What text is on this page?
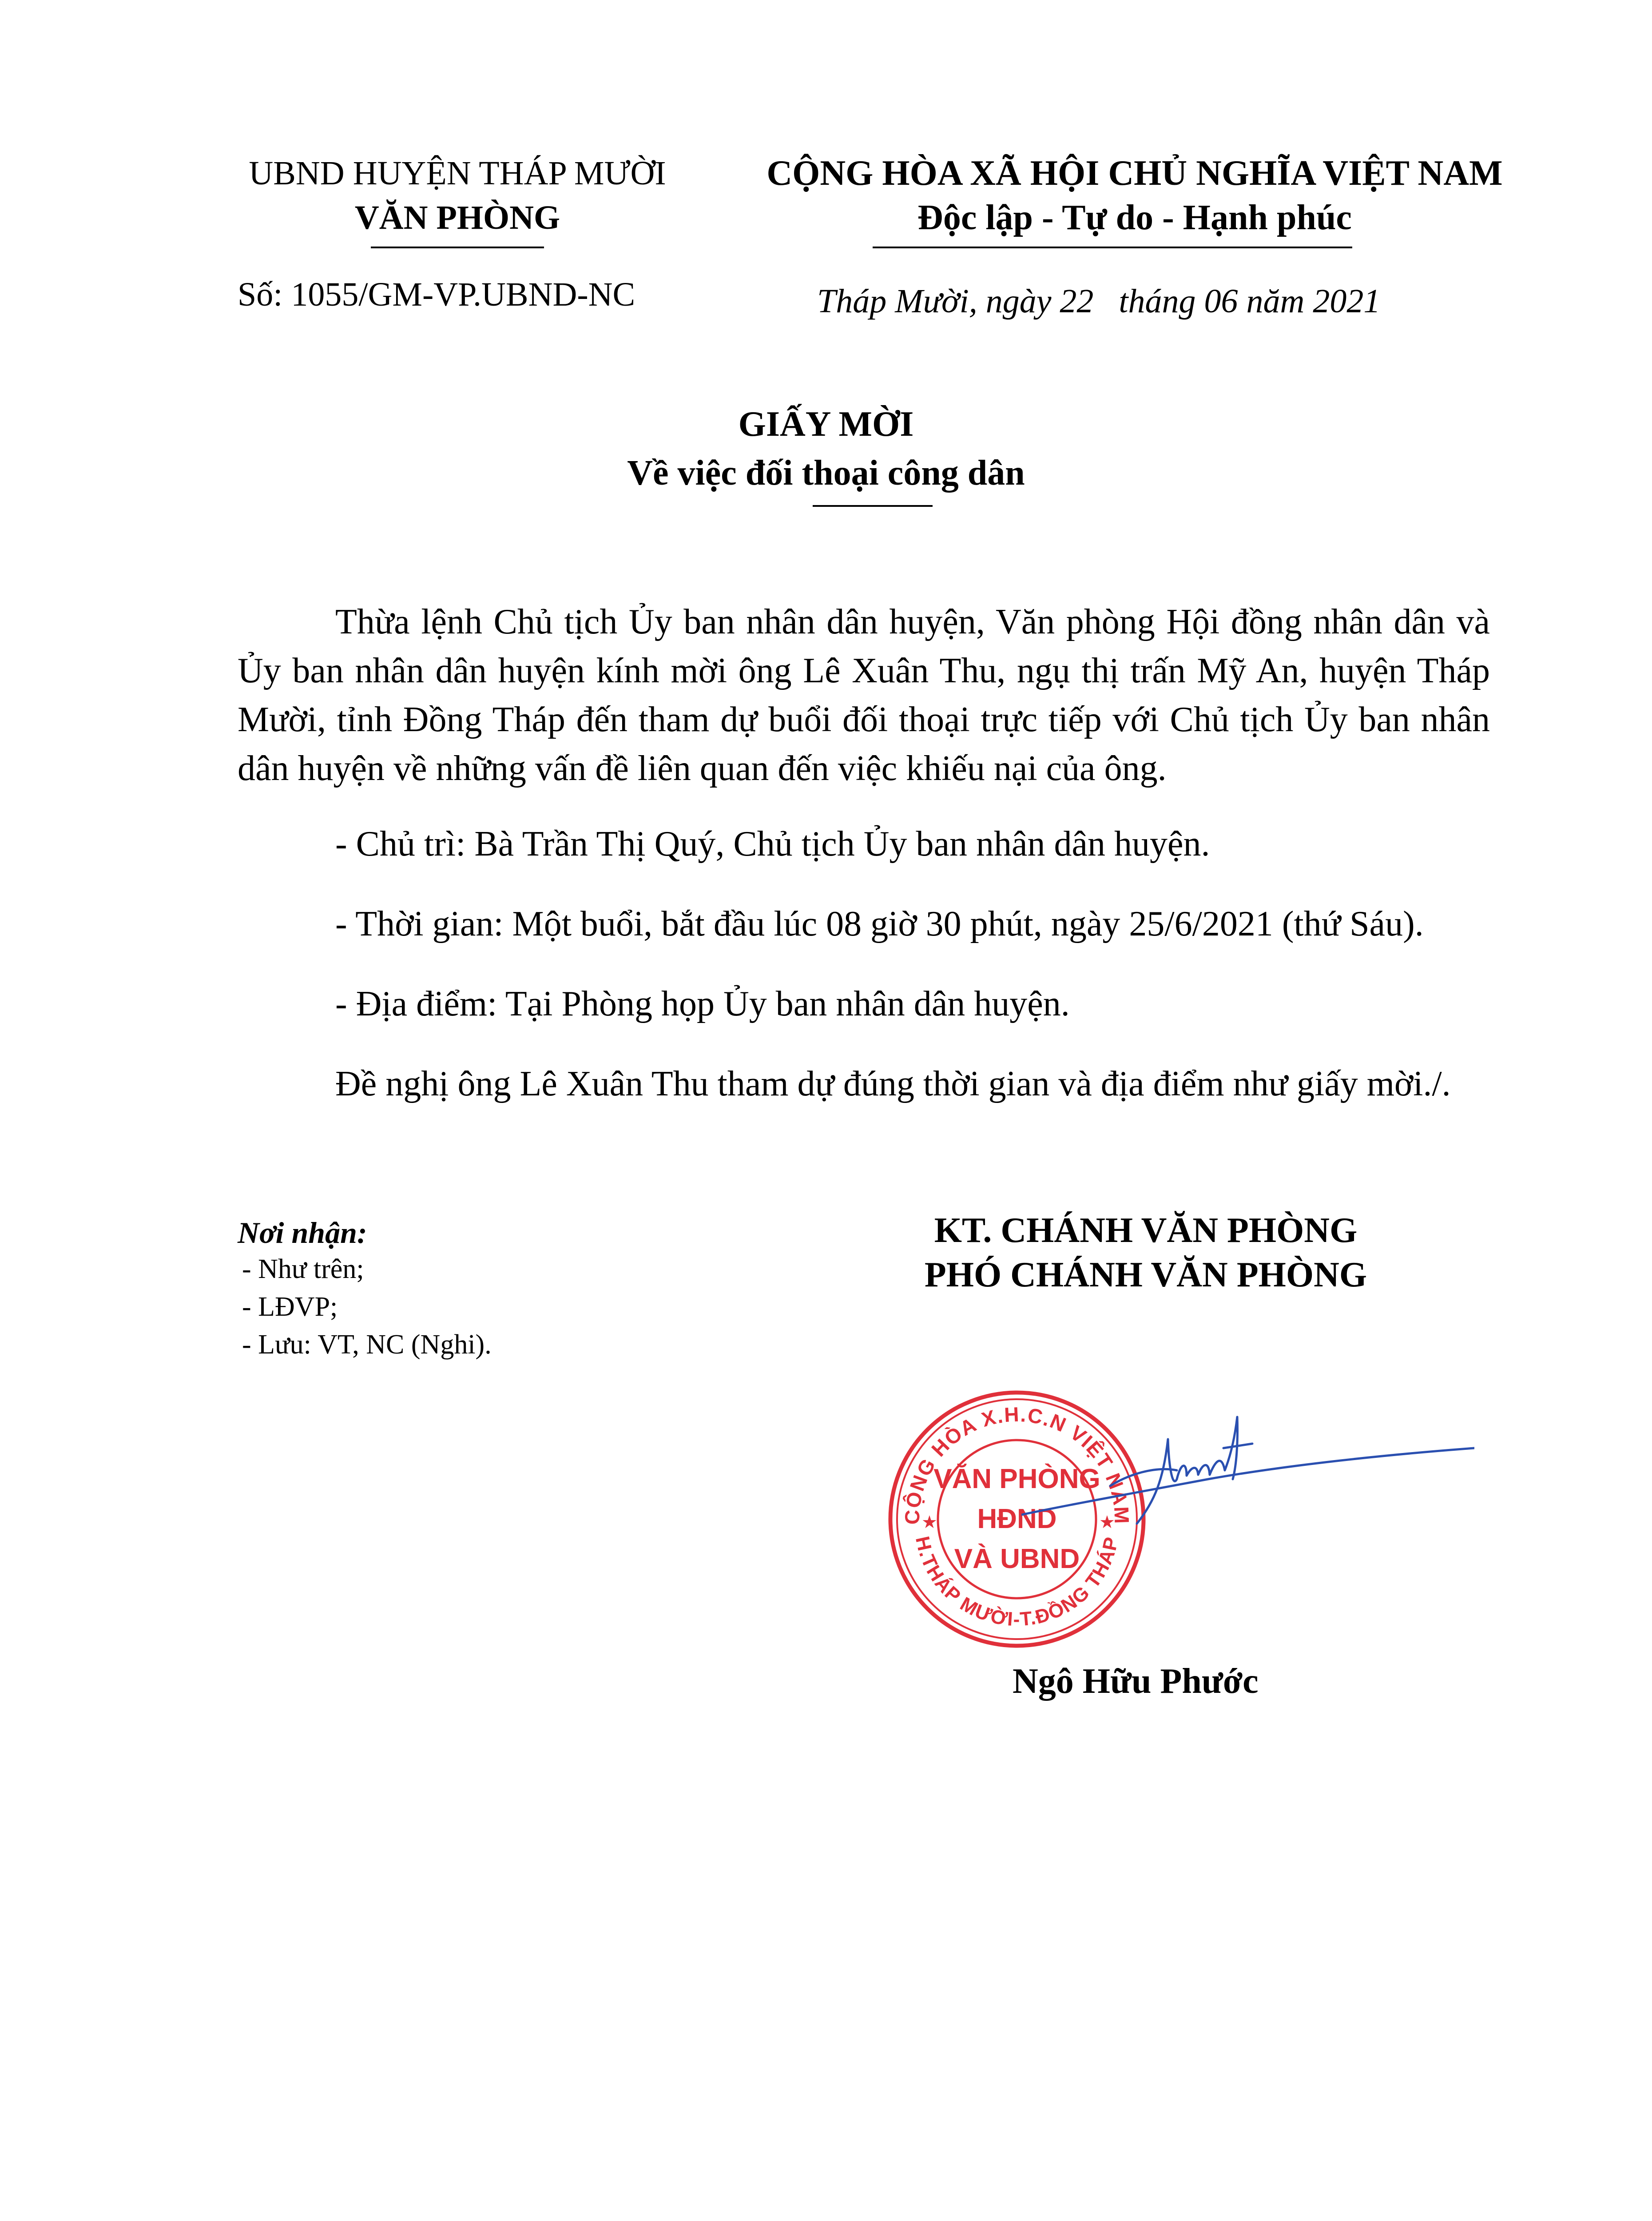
UBND HUYỆN THÁP MƯỜI
VĂN PHÒNG
CỘNG HÒA XÃ HỘI CHỦ NGHĨA VIỆT NAM
Độc lập - Tự do - Hạnh phúc
Số: 1055/GM-VP.UBND-NC	Tháp Mười, ngày 22   tháng 06 năm 2021
GIẤY MỜI
Về việc đối thoại công dân

Thừa lệnh Chủ tịch Ủy ban nhân dân huyện, Văn phòng Hội đồng nhân dân và Ủy ban nhân dân huyện kính mời ông Lê Xuân Thu, ngụ thị trấn Mỹ An, huyện Tháp Mười, tỉnh Đồng Tháp đến tham dự buổi đối thoại trực tiếp với Chủ tịch Ủy ban nhân dân huyện về những vấn đề liên quan đến việc khiếu nại của ông.

- Chủ trì: Bà Trần Thị Quý, Chủ tịch Ủy ban nhân dân huyện.

- Thời gian: Một buổi, bắt đầu lúc 08 giờ 30 phút, ngày 25/6/2021 (thứ Sáu).

- Địa điểm: Tại Phòng họp Ủy ban nhân dân huyện.

Đề nghị ông Lê Xuân Thu tham dự đúng thời gian và địa điểm như giấy mời./.

Nơi nhận:
- Như trên;
- LĐVP;
- Lưu: VT, NC (Nghi).
KT. CHÁNH VĂN PHÒNG
PHÓ CHÁNH VĂN PHÒNG
CỘNG HÒA X.H.C.N VIỆT NAM
H.THÁP MƯỜI-T.ĐỒNG THÁP
★	★
VĂN PHÒNG
HĐND
VÀ UBND
Ngô Hữu Phước
